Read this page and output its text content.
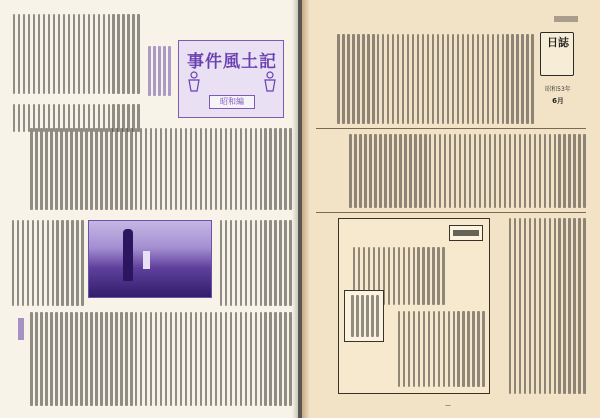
事件風土記
昭和編
日誌
昭和53年
6月
—
